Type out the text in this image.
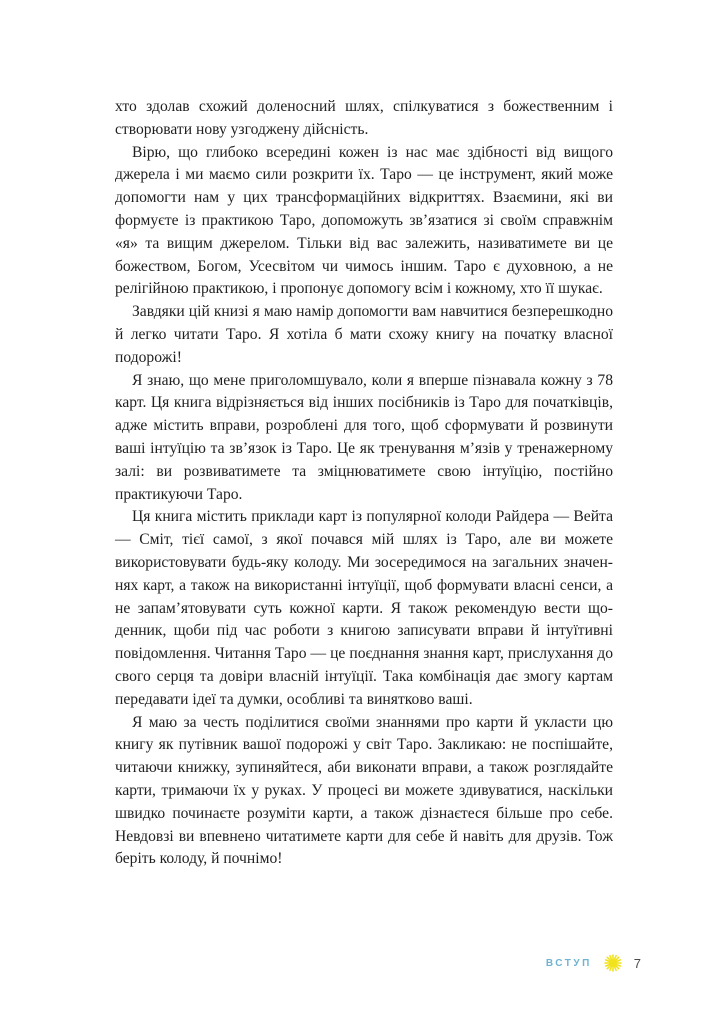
хто здолав схожий доленосний шлях, спілкуватися з божественним і створювати нову узгоджену дійсність.

Вірю, що глибоко всередині кожен із нас має здібності від вищого джерела і ми маємо сили розкрити їх. Таро — це інструмент, який може допомогти нам у цих трансформаційних відкриттях. Взаємини, які ви формуєте із практикою Таро, допоможуть зв’язатися зі своїм справжнім «я» та вищим джерелом. Тільки від вас залежить, називатимете ви це божеством, Богом, Усесвітом чи чимось іншим. Таро є духовною, а не релігійною практикою, і пропонує допомогу всім і кожному, хто її шукає.

Завдяки цій книзі я маю намір допомогти вам навчитися безперешкодно й легко читати Таро. Я хотіла б мати схожу книгу на початку власної подорожі!

Я знаю, що мене приголомшувало, коли я вперше пізнавала кожну з 78 карт. Ця книга відрізняється від інших посібників із Таро для початківців, адже містить вправи, розроблені для того, щоб сформувати й розвинути ваші інтуїцію та зв’язок із Таро. Це як тренування м’язів у тренажерному залі: ви розвиватимете та зміцнюватимете свою інтуїцію, постійно практикуючи Таро.

Ця книга містить приклади карт із популярної колоди Райдера — Вейта — Сміт, тієї самої, з якої почався мій шлях із Таро, але ви можете використовувати будь-яку колоду. Ми зосередимося на загальних значеннях карт, а також на використанні інтуїції, щоб формувати власні сенси, а не запам’ятовувати суть кожної карти. Я також рекомендую вести щоденник, щоби під час роботи з книгою записувати вправи й інтуїтивні повідомлення. Читання Таро — це поєднання знання карт, прислухання до свого серця та довіри власній інтуїції. Така комбінація дає змогу картам передавати ідеї та думки, особливі та винятково ваші.

Я маю за честь поділитися своїми знаннями про карти й укласти цю книгу як путівник вашої подорожі у світ Таро. Закликаю: не поспішайте, читаючи книжку, зупиняйтеся, аби виконати вправи, а також розглядайте карти, тримаючи їх у руках. У процесі ви можете здивуватися, наскільки швидко починаєте розуміти карти, а також дізнаєтеся більше про себе. Невдовзі ви впевнено читатимете карти для себе й навіть для друзів. Тож беріть колоду, й почнімо!

ВСТУП	7
